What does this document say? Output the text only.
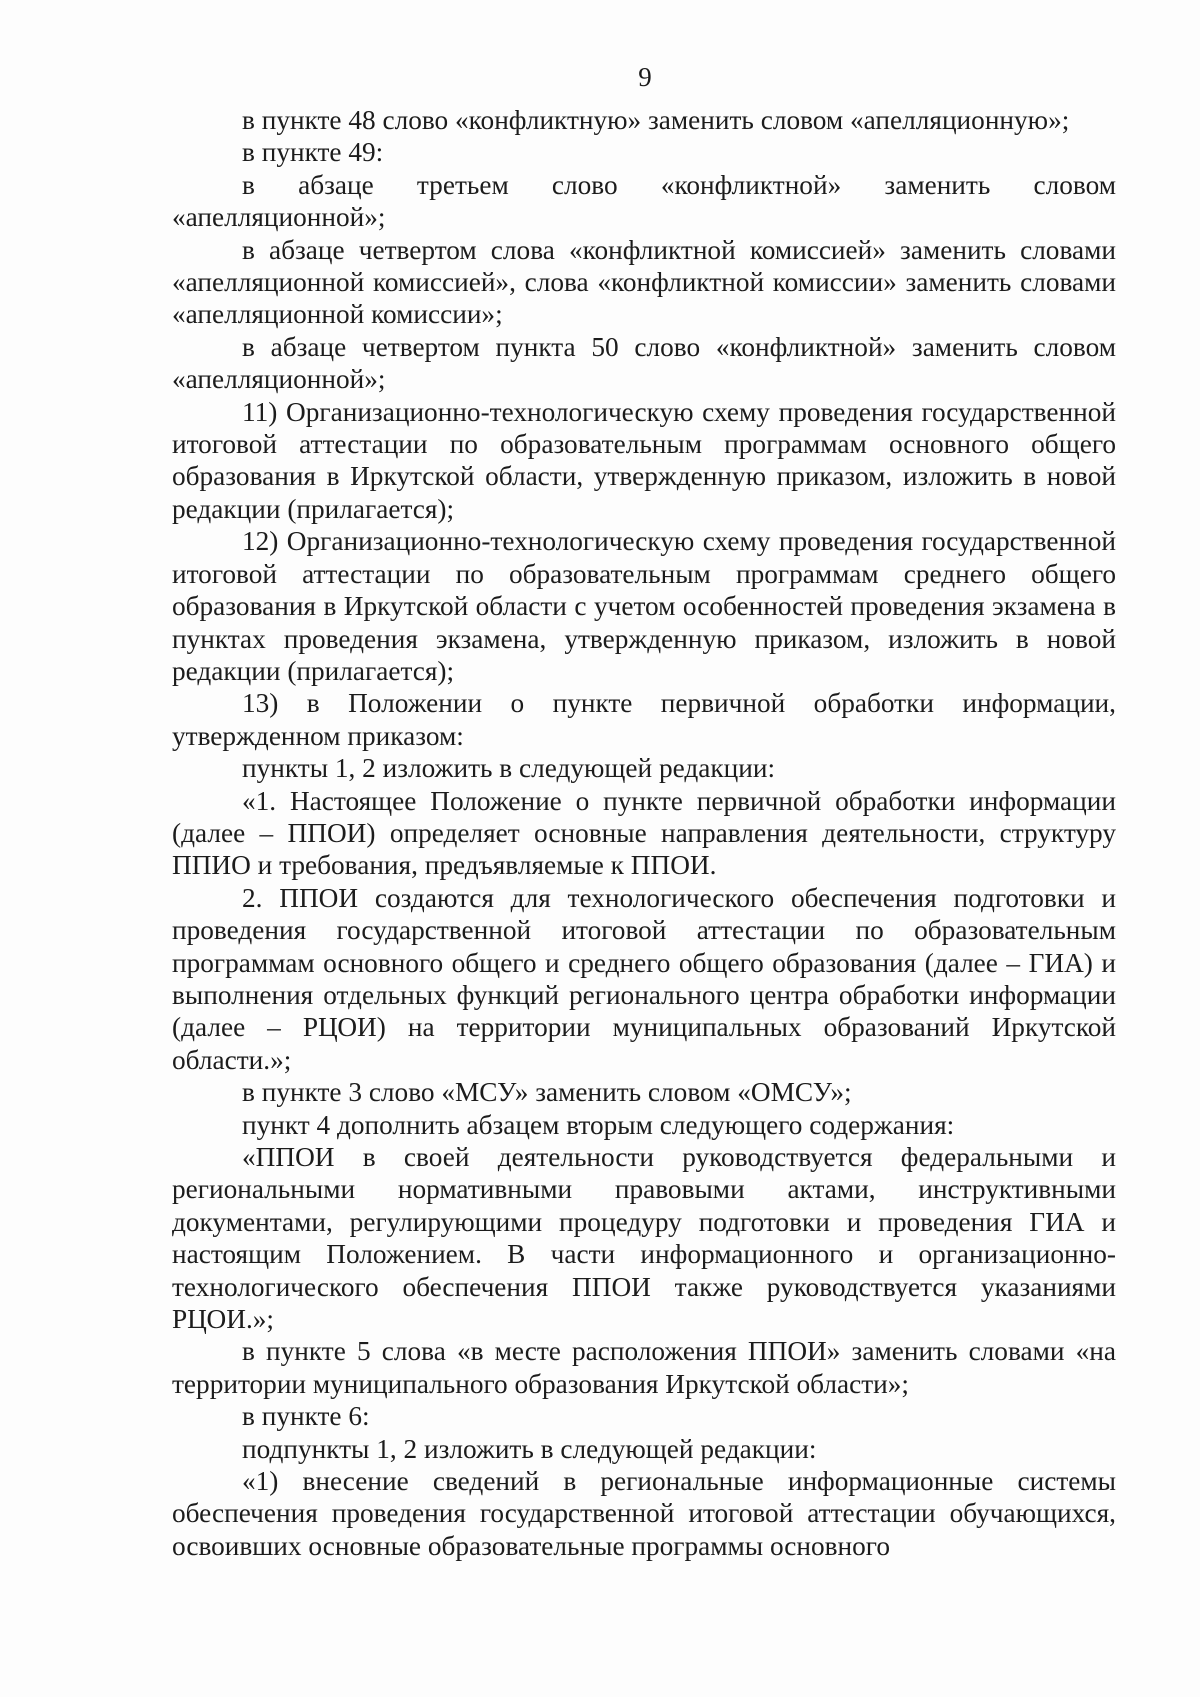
9

в пункте 48 слово «конфликтную» заменить словом «апелляционную»;

в пункте 49:

в абзаце третьем слово «конфликтной» заменить словом «апелляционной»;

в абзаце четвертом слова «конфликтной комиссией» заменить словами «апелляционной комиссией», слова «конфликтной комиссии» заменить словами «апелляционной комиссии»;

в абзаце четвертом пункта 50 слово «конфликтной» заменить словом «апелляционной»;

11) Организационно-технологическую схему проведения государственной итоговой аттестации по образовательным программам основного общего образования в Иркутской области, утвержденную приказом, изложить в новой редакции (прилагается);

12) Организационно-технологическую схему проведения государственной итоговой аттестации по образовательным программам среднего общего образования в Иркутской области с учетом особенностей проведения экзамена в пунктах проведения экзамена, утвержденную приказом, изложить в новой редакции (прилагается);

13) в Положении о пункте первичной обработки информации, утвержденном приказом:

пункты 1, 2 изложить в следующей редакции:

«1. Настоящее Положение о пункте первичной обработки информации (далее – ППОИ) определяет основные направления деятельности, структуру ППИО и требования, предъявляемые к ППОИ.

2. ППОИ создаются для технологического обеспечения подготовки и проведения государственной итоговой аттестации по образовательным программам основного общего и среднего общего образования (далее – ГИА) и выполнения отдельных функций регионального центра обработки информации (далее – РЦОИ) на территории муниципальных образований Иркутской области.»;

в пункте 3 слово «МСУ» заменить словом «ОМСУ»;

пункт 4 дополнить абзацем вторым следующего содержания:

«ППОИ в своей деятельности руководствуется федеральными и региональными нормативными правовыми актами, инструктивными документами, регулирующими процедуру подготовки и проведения ГИА и настоящим Положением. В части информационного и организационно-технологического обеспечения ППОИ также руководствуется указаниями РЦОИ.»;

в пункте 5 слова «в месте расположения ППОИ» заменить словами «на территории муниципального образования Иркутской области»;

в пункте 6:

подпункты 1, 2 изложить в следующей редакции:

«1) внесение сведений в региональные информационные системы обеспечения проведения государственной итоговой аттестации обучающихся, освоивших основные образовательные программы основного
